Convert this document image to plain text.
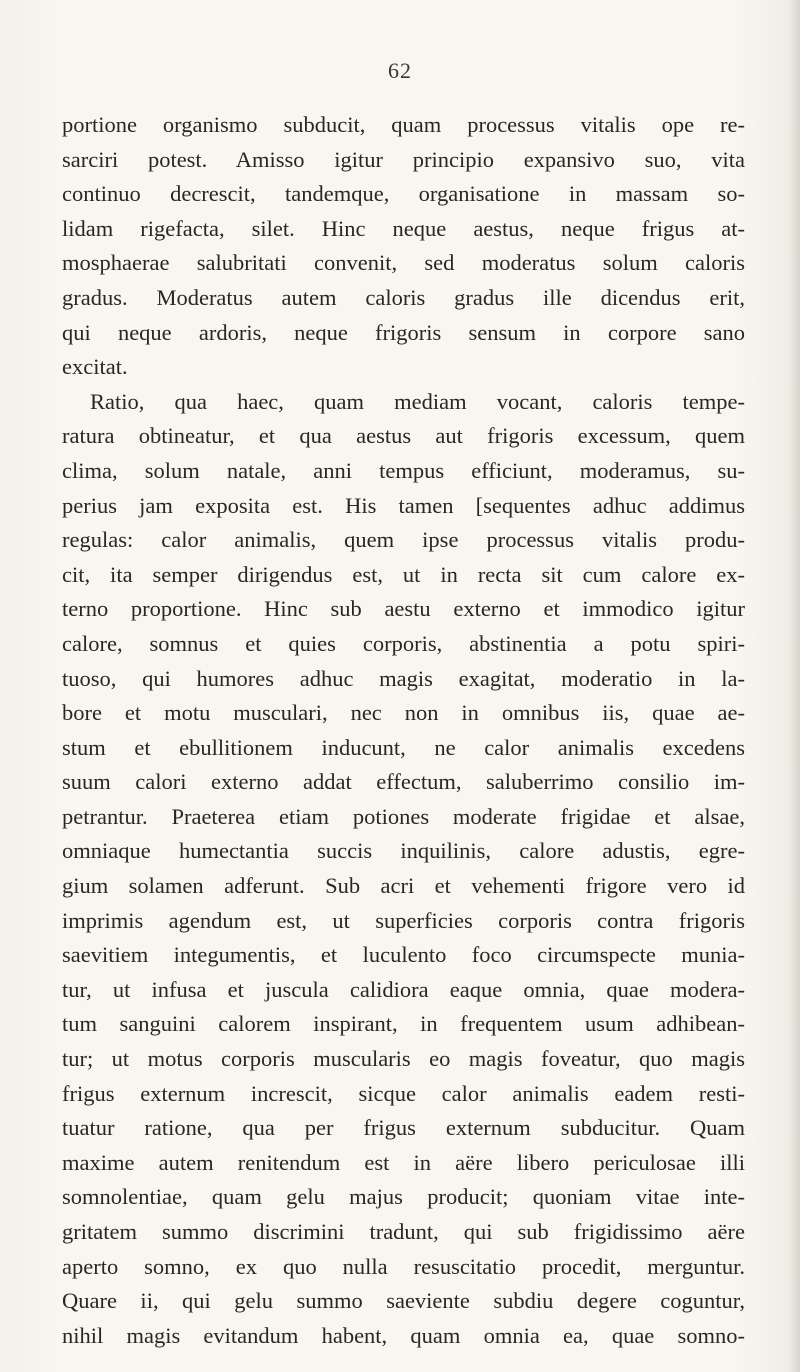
62
portione organismo subducit, quam processus vitalis ope re-
sarciri potest. Amisso igitur principio expansivo suo, vita
continuo decrescit, tandemque, organisatione in massam so-
lidam rigefacta, silet. Hinc neque aestus, neque frigus at-
mosphaerae salubritati convenit, sed moderatus solum caloris
gradus. Moderatus autem caloris gradus ille dicendus erit,
qui neque ardoris, neque frigoris sensum in corpore sano
excitat.
Ratio, qua haec, quam mediam vocant, caloris tempe-
ratura obtineatur, et qua aestus aut frigoris excessum, quem
clima, solum natale, anni tempus efficiunt, moderamus, su-
perius jam exposita est. His tamen [sequentes adhuc addimus
regulas: calor animalis, quem ipse processus vitalis produ-
cit, ita semper dirigendus est, ut in recta sit cum calore ex-
terno proportione. Hinc sub aestu externo et immodico igitur
calore, somnus et quies corporis, abstinentia a potu spiri-
tuoso, qui humores adhuc magis exagitat, moderatio in la-
bore et motu musculari, nec non in omnibus iis, quae ae-
stum et ebullitionem inducunt, ne calor animalis excedens
suum calori externo addat effectum, saluberrimo consilio im-
petrantur. Praeterea etiam potiones moderate frigidae et alsae,
omniaque humectantia succis inquilinis, calore adustis, egre-
gium solamen adferunt. Sub acri et vehementi frigore vero id
imprimis agendum est, ut superficies corporis contra frigoris
saevitiem integumentis, et luculento foco circumspecte munia-
tur, ut infusa et juscula calidiora eaque omnia, quae modera-
tum sanguini calorem inspirant, in frequentem usum adhibean-
tur; ut motus corporis muscularis eo magis foveatur, quo magis
frigus externum increscit, sicque calor animalis eadem resti-
tuatur ratione, qua per frigus externum subducitur. Quam
maxime autem renitendum est in aëre libero periculosae illi
somnolentiae, quam gelu majus producit; quoniam vitae inte-
gritatem summo discrimini tradunt, qui sub frigidissimo aëre
aperto somno, ex quo nulla resuscitatio procedit, merguntur.
Quare ii, qui gelu summo saeviente subdiu degere coguntur,
nihil magis evitandum habent, quam omnia ea, quae somno-
